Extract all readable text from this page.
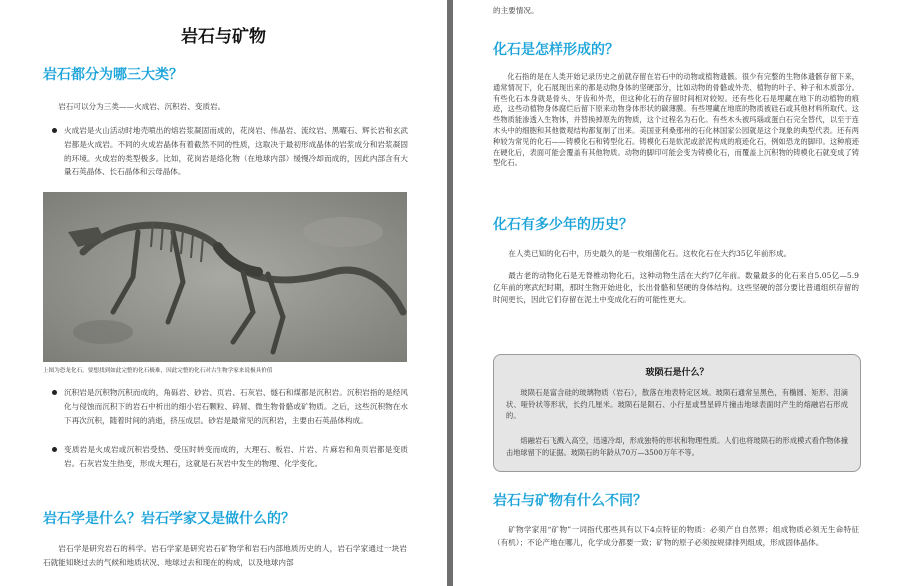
岩石与矿物
岩石都分为哪三大类？

岩石可以分为三类——火成岩、沉积岩、变质岩。

火成岩是火山活动时地壳喷出的熔岩浆凝固而成的，花岗岩、伟晶岩、流纹岩、黑曜石、辉长岩和玄武岩都是火成岩。不同的火成岩晶体有着截然不同的性质，这取决于最初形成晶体的岩浆成分和岩浆凝固的环境。火成岩的类型极多。比如，花岗岩是络化物（在地球内部）缓慢冷却而成的，因此内部含有大量石英晶体、长石晶体和云母晶体。
上图为恐龙化石。要想找到如此完整的化石极难，因此完整的化石对古生物学家来说极具价值
沉积岩是沉积物沉积而成的，角砾岩、砂岩、页岩、石灰岩、燧石和煤都是沉积岩。沉积岩指的是经风化与侵蚀而沉积下的岩石中析出的细小岩石颗粒、碎屑、微生物骨骼或矿物质。之后，这些沉积物在水下再次沉积，随着时间的消逝，挤压成层。砂岩是最常见的沉积岩，主要由石英晶体构成。
变质岩是火成岩或沉积岩受热、受压时转变而成的，大理石、板岩、片岩、片麻岩和角页岩都是变质岩。石灰岩发生热变，形成大理石，这就是石灰岩中发生的物理、化学变化。
岩石学是什么？岩石学家又是做什么的？

岩石学是研究岩石的科学。岩石学家是研究岩石矿物学和岩石内部地质历史的人，岩石学家通过一块岩石就能知晓过去的气候和地质状况、地球过去和现在的构成，以及地球内部

的主要情况。

化石是怎样形成的？

化石指的是在人类开始记录历史之前就存留在岩石中的动物或植物遗骸。很少有完整的生物体遗骸存留下来，通常情况下，化石展现出来的都是动物身体的坚硬部分，比如动物的骨骼或外壳、植物的叶子、种子和木质部分。有些化石本身就是骨头、牙齿和外壳，但这种化石的存留时间相对较短。还有些化石是埋藏在地下的动植物的痕迹，这些动植物身体腐烂后留下原来动物身体形状的碳薄膜。有些埋藏在地底的物质被硅石或其他材料所取代。这些物质能渗透入生物体，并替换掉原先的物质，这个过程名为石化。有些木头被玛瑙或蛋白石完全替代，以至于连木头中的细胞和其他微观结构都复制了出来。美国亚利桑那州的石化林国家公园就是这个现象的典型代表。还有两种较为常见的化石——铸模化石和铸型化石。铸模化石是软泥或淤泥构成的痕迹化石，例如恐龙的脚印。这种痕迹在硬化后，表面可能会覆盖有其他物质。动物的脚印可能会变为铸模化石，而覆盖上沉积物的铸模化石就变成了铸型化石。

化石有多少年的历史？

在人类已知的化石中，历史最久的是一枚细菌化石。这枚化石在大约35亿年前形成。

最古老的动物化石是无脊椎动物化石，这种动物生活在大约7亿年前。数量最多的化石来自5.05亿—5.9亿年前的寒武纪时期，那时生物开始进化，长出骨骼和坚硬的身体结构。这些坚硬的部分要比普通组织存留的时间更长，因此它们存留在泥土中变成化石的可能性更大。

玻陨石是什么？

玻陨石是富含硅的玻璃物质（岩石），散落在地表特定区域。玻陨石通常呈黑色，有椭圆、矩形、泪滴状、哑铃状等形状，长约几厘米。玻陨石是陨石、小行星或彗星碎片撞击地球表面时产生的熔融岩石形成的。

熔融岩石飞溅入高空，迅速冷却，形成独特的形状和物理性质。人们也将玻陨石的形成模式看作物体撞击地球留下的证据。玻陨石的年龄从70万—3500万年不等。

岩石与矿物有什么不同？

矿物学家用“矿物”一词指代那些具有以下4点特征的物质：必须产自自然界；组成物质必须无生命特征（有机）；不论产地在哪儿，化学成分都要一致；矿物的原子必须按规律排列组成，形成固体晶体。
